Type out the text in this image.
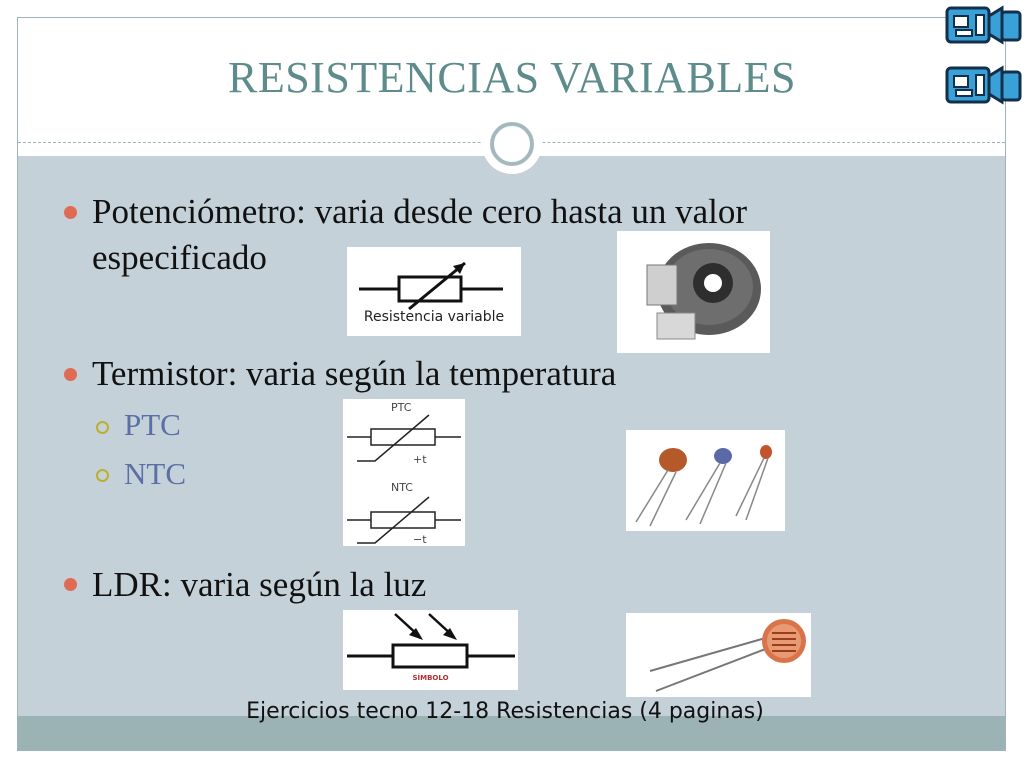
RESISTENCIAS VARIABLES
Potenciómetro: varia desde cero hasta un valor
especificado
Termistor: varia según la temperatura
PTC
NTC
LDR: varia según la luz
Resistencia variable
PTC
+t
NTC
−t
SÍMBOLO
Ejercicios tecno 12-18 Resistencias (4 paginas)
